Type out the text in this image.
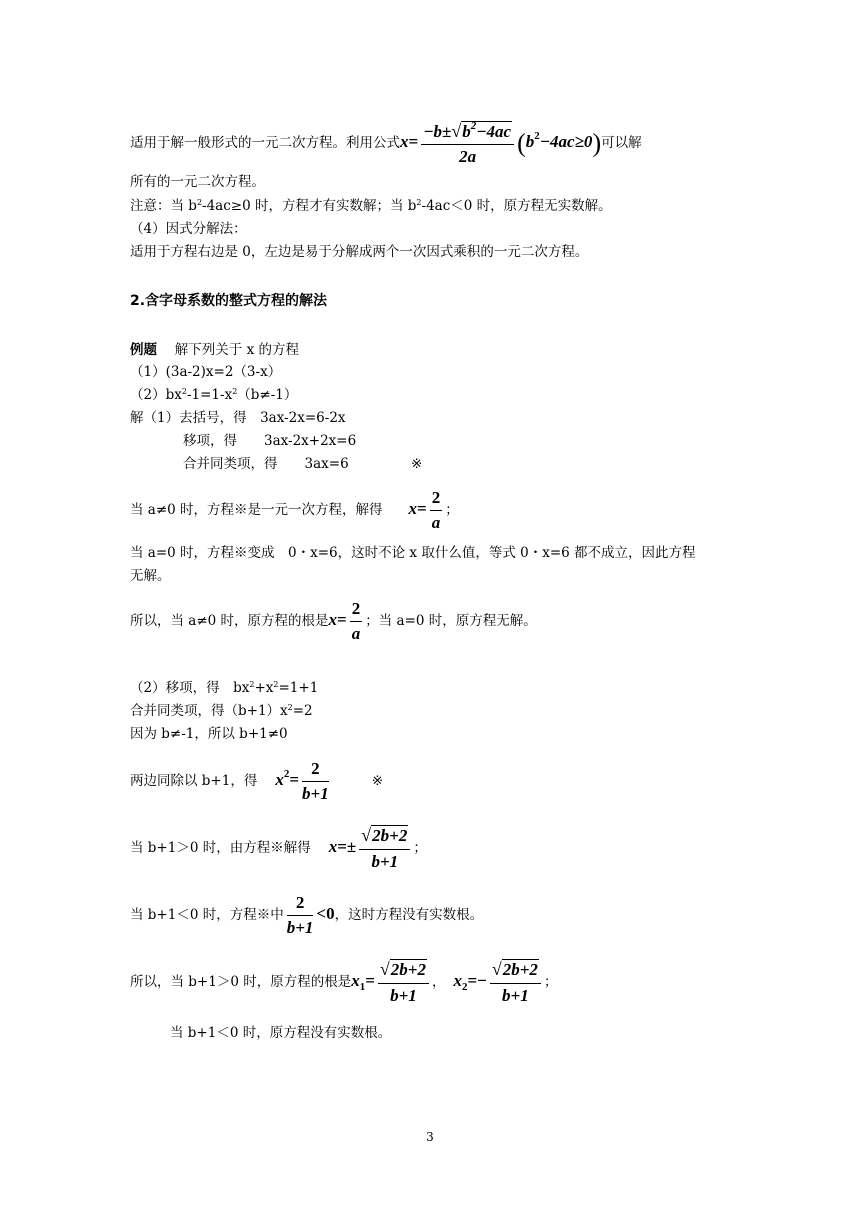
适用于解一般形式的一元二次方程。利用公式$x= \frac{-b\pm√b^2-4ac}{2a} (b^2-4ac\ge 0)$可以解
所有的一元二次方程。
注意：当 $b^2-4ac\ge 0$ 时，方程才有实数解；当 $b^2-4ac<0$ 时，原方程无实数解。
（4）因式分解法：
适用于方程右边是 0，左边是易于分解成两个一次因式乘积的一元二次方程。
2.含字母系数的整式方程的解法
例题　 解下列关于 x 的方程
（1）(3a-2)x=2（3-x）
$(2)bx^2-1=1-x^2(b\ne-1)$
解（1）去括号，得　 3ax-2x=6-2x
移项，得　　 3ax-2x+2x=6
合并同类项，得　　 3ax=6	※
当 a≠0 时，方程※是一元一次方程，解得 $x= \frac{2}{a}$ ；
当 a=0 时，方程※变成　0・x=6，这时不论 x 取什么值，等式 0・x=6 都不成立，因此方程
无解。
所以，当 a≠0 时，原方程的根是$x= \frac{2}{a}$ ；当 a=0 时，原方程无解。
（2）移项，得　 $bx^2+x^2=1+1$
合并同类项，得$(b+1)x^2=2$
因为 b≠-1，所以 b+1≠0
两边同除以 b+1，得 $x^2= \frac{2}{b+1}$	※
当 b+1＞0 时，由方程※解得 $x=\pm \frac{√2b+2}{b+1}$ ；
当 b+1＜0 时，方程※中 $\frac{2}{b+1} <0$，这时方程没有实数根。
所以，当 b+1＞0 时，原方程的根是$x_1= \frac{√2b+2}{b+1}$ ， $x_2=- \frac{√2b+2}{b+1}$ ；
当 b+1＜0 时，原方程没有实数根。
3
